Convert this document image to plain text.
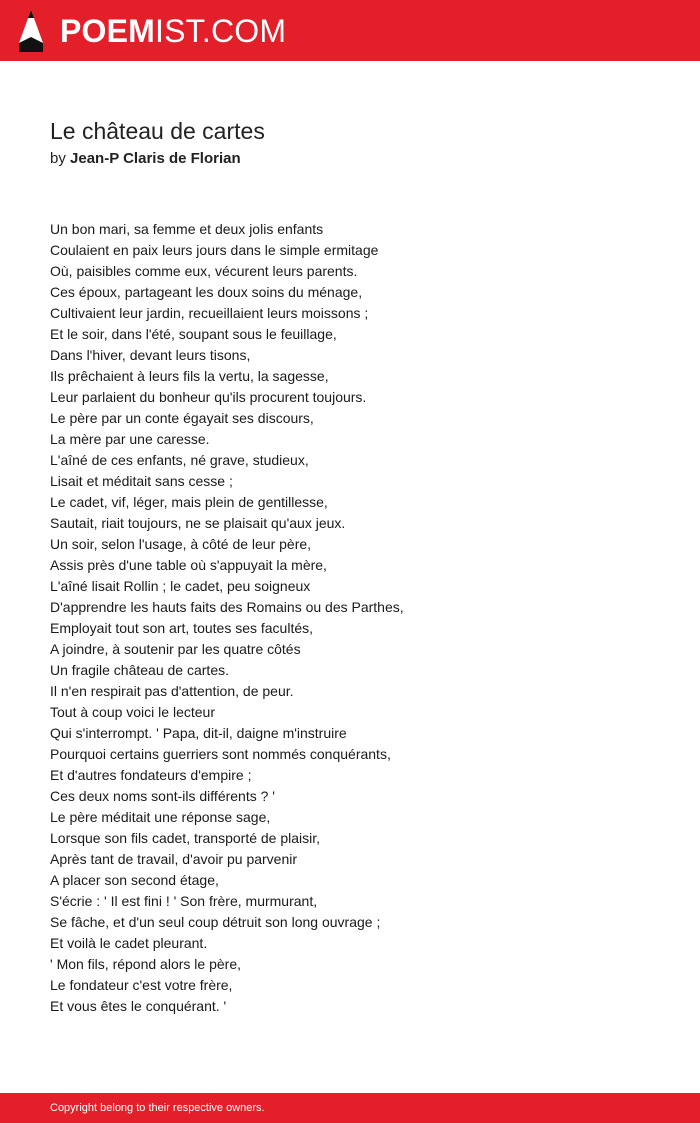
POEMIST.COM
Le château de cartes
by Jean-P Claris de Florian
Un bon mari, sa femme et deux jolis enfants
Coulaient en paix leurs jours dans le simple ermitage
Où, paisibles comme eux, vécurent leurs parents.
Ces époux, partageant les doux soins du ménage,
Cultivaient leur jardin, recueillaient leurs moissons ;
Et le soir, dans l'été, soupant sous le feuillage,
Dans l'hiver, devant leurs tisons,
Ils prêchaient à leurs fils la vertu, la sagesse,
Leur parlaient du bonheur qu'ils procurent toujours.
Le père par un conte égayait ses discours,
La mère par une caresse.
L'aîné de ces enfants, né grave, studieux,
Lisait et méditait sans cesse ;
Le cadet, vif, léger, mais plein de gentillesse,
Sautait, riait toujours, ne se plaisait qu'aux jeux.
Un soir, selon l'usage, à côté de leur père,
Assis près d'une table où s'appuyait la mère,
L'aîné lisait Rollin ; le cadet, peu soigneux
D'apprendre les hauts faits des Romains ou des Parthes,
Employait tout son art, toutes ses facultés,
A joindre, à soutenir par les quatre côtés
Un fragile château de cartes.
Il n'en respirait pas d'attention, de peur.
Tout à coup voici le lecteur
Qui s'interrompt. ' Papa, dit-il, daigne m'instruire
Pourquoi certains guerriers sont nommés conquérants,
Et d'autres fondateurs d'empire ;
Ces deux noms sont-ils différents ? '
Le père méditait une réponse sage,
Lorsque son fils cadet, transporté de plaisir,
Après tant de travail, d'avoir pu parvenir
A placer son second étage,
S'écrie : ' Il est fini ! ' Son frère, murmurant,
Se fâche, et d'un seul coup détruit son long ouvrage ;
Et voilà le cadet pleurant.
' Mon fils, répond alors le père,
Le fondateur c'est votre frère,
Et vous êtes le conquérant. '
Copyright belong to their respective owners.
